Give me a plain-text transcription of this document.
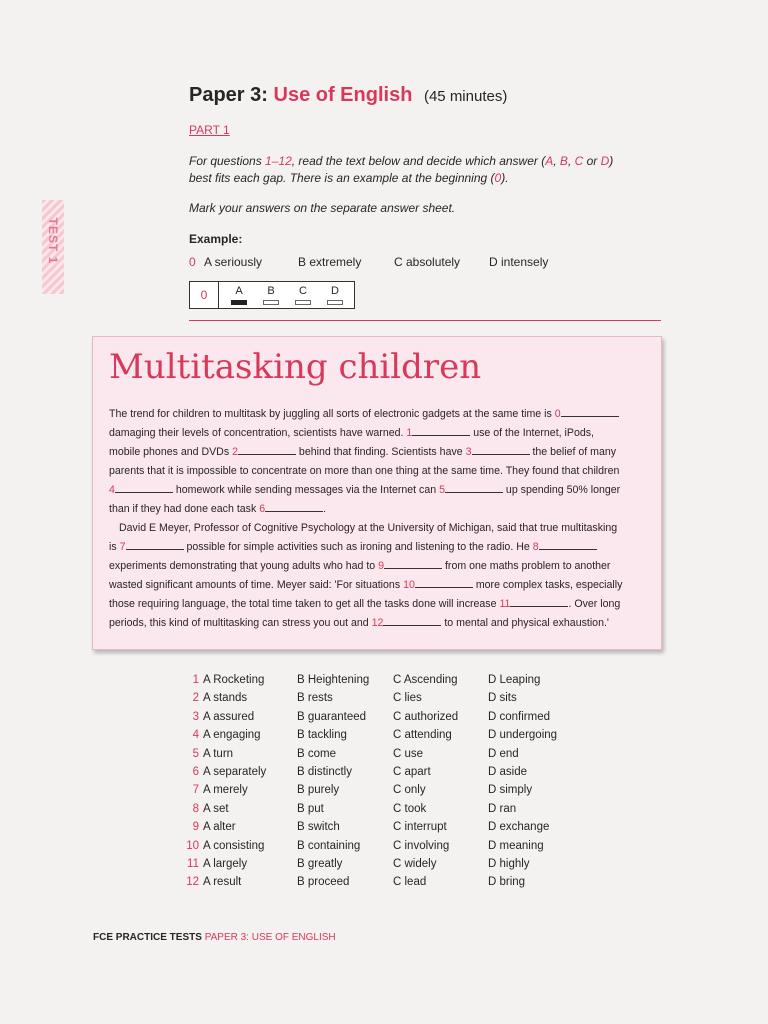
TEST 1
Paper 3: Use of English (45 minutes)
PART 1
For questions 1–12, read the text below and decide which answer (A, B, C or D) best fits each gap. There is an example at the beginning (0).
Mark your answers on the separate answer sheet.
Example:
0 A seriously	B extremely	C absolutely D intensely
0	A	B	C	D
Multitasking children
The trend for children to multitask by juggling all sorts of electronic gadgets at the same time is 0
damaging their levels of concentration, scientists have warned. 1	use of the Internet, iPods,
mobile phones and DVDs 2	behind that finding. Scientists have 3	the belief of many
parents that it is impossible to concentrate on more than one thing at the same time. They found that children
4	homework while sending messages via the Internet can 5	up spending 50% longer
than if they had done each task 6	.
David E Meyer, Professor of Cognitive Psychology at the University of Michigan, said that true multitasking
is 7	possible for simple activities such as ironing and listening to the radio. He 8
experiments demonstrating that young adults who had to 9	from one maths problem to another
wasted significant amounts of time. Meyer said: 'For situations 10	more complex tasks, especially
those requiring language, the total time taken to get all the tasks done will increase 11	. Over long
periods, this kind of multitasking can stress you out and 12	to mental and physical exhaustion.'
1 A Rocketing	B Heightening C Ascending	D Leaping
2 A stands	B rests	C lies	D sits
3 A assured	B guaranteed C authorized	D confirmed
4 A engaging	B tackling	C attending	D undergoing
5 A turn	B come	C use	D end
6 A separately	B distinctly	C apart	D aside
7 A merely	B purely	C only	D simply
8 A set	B put	C took	D ran
9 A alter	B switch	C interrupt	D exchange
10 A consisting	B containing	C involving	D meaning
11 A largely	B greatly	C widely	D highly
12 A result	B proceed	C lead	D bring
FCE PRACTICE TESTS PAPER 3: USE OF ENGLISH
